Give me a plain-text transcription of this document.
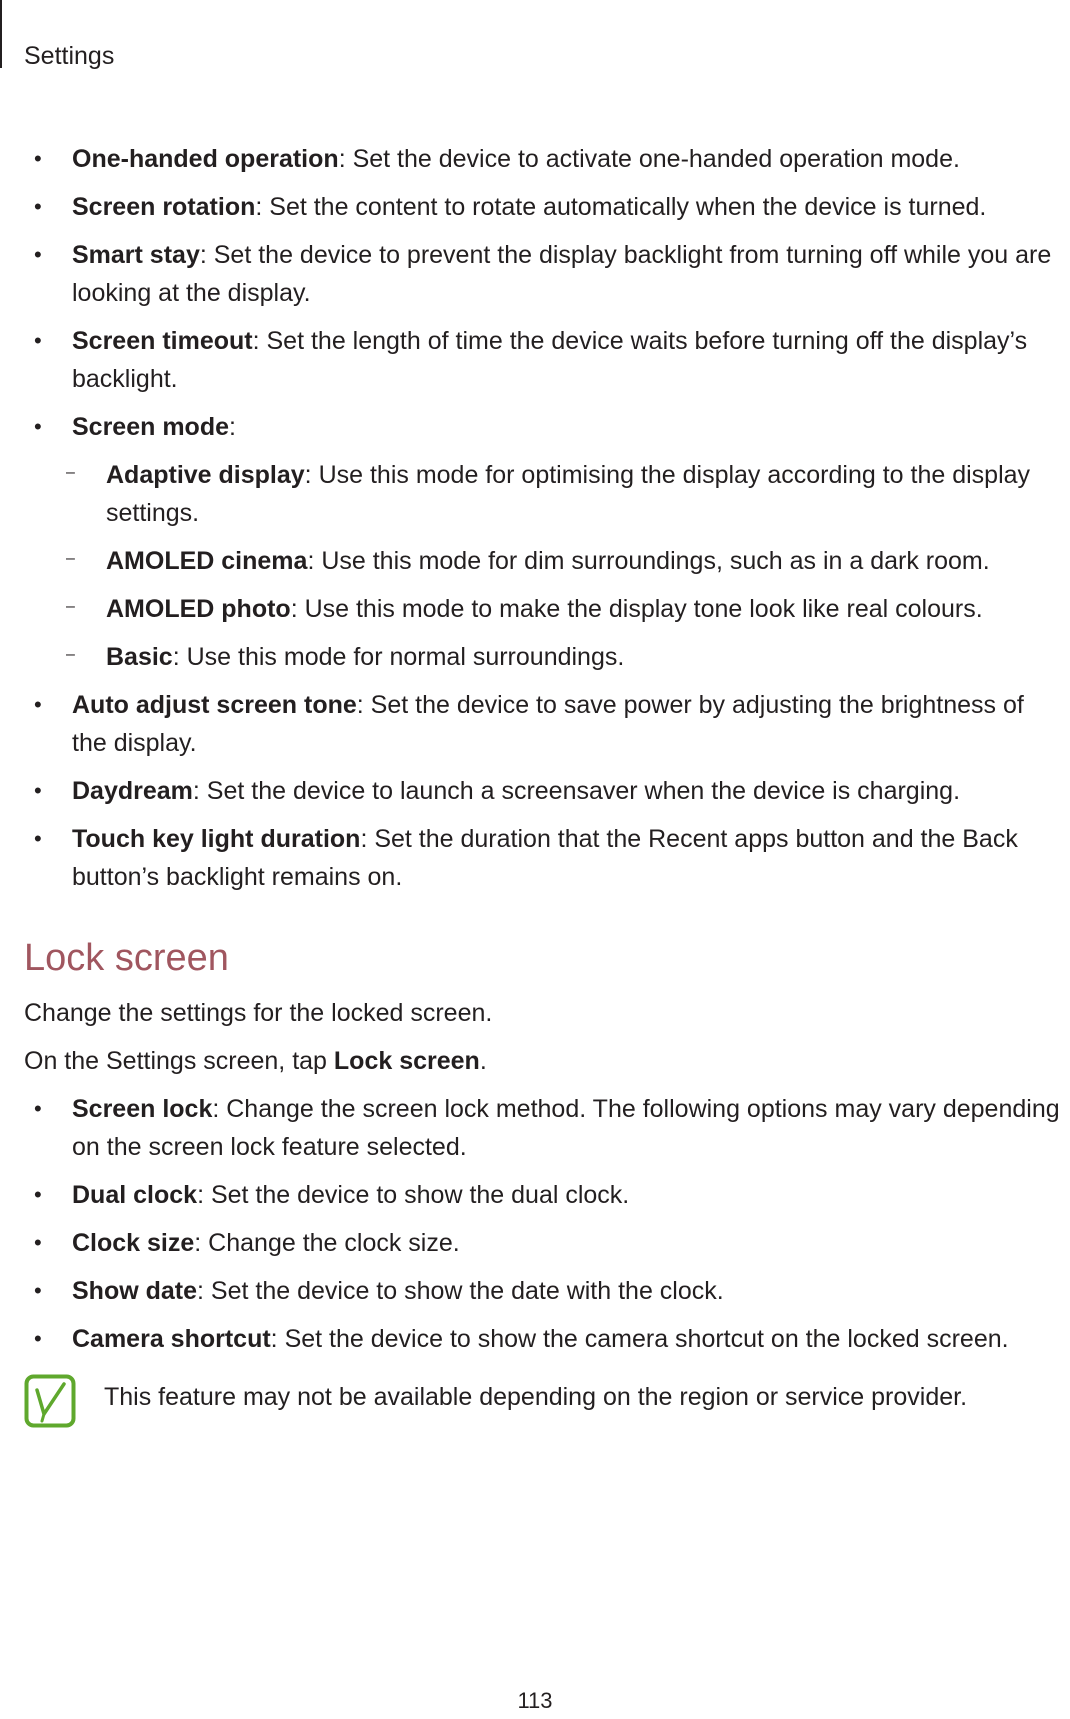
Settings
• One-handed operation: Set the device to activate one-handed operation mode.
• Screen rotation: Set the content to rotate automatically when the device is turned.
• Smart stay: Set the device to prevent the display backlight from turning off while you are looking at the display.
• Screen timeout: Set the length of time the device waits before turning off the display’s backlight.
• Screen mode:
– Adaptive display: Use this mode for optimising the display according to the display settings.
– AMOLED cinema: Use this mode for dim surroundings, such as in a dark room.
– AMOLED photo: Use this mode to make the display tone look like real colours.
– Basic: Use this mode for normal surroundings.
• Auto adjust screen tone: Set the device to save power by adjusting the brightness of the display.
• Daydream: Set the device to launch a screensaver when the device is charging.
• Touch key light duration: Set the duration that the Recent apps button and the Back button’s backlight remains on.
Lock screen

Change the settings for the locked screen.

On the Settings screen, tap Lock screen.

• Screen lock: Change the screen lock method. The following options may vary depending on the screen lock feature selected.
• Dual clock: Set the device to show the dual clock.
• Clock size: Change the clock size.
• Show date: Set the device to show the date with the clock.
• Camera shortcut: Set the device to show the camera shortcut on the locked screen.
This feature may not be available depending on the region or service provider.
113
